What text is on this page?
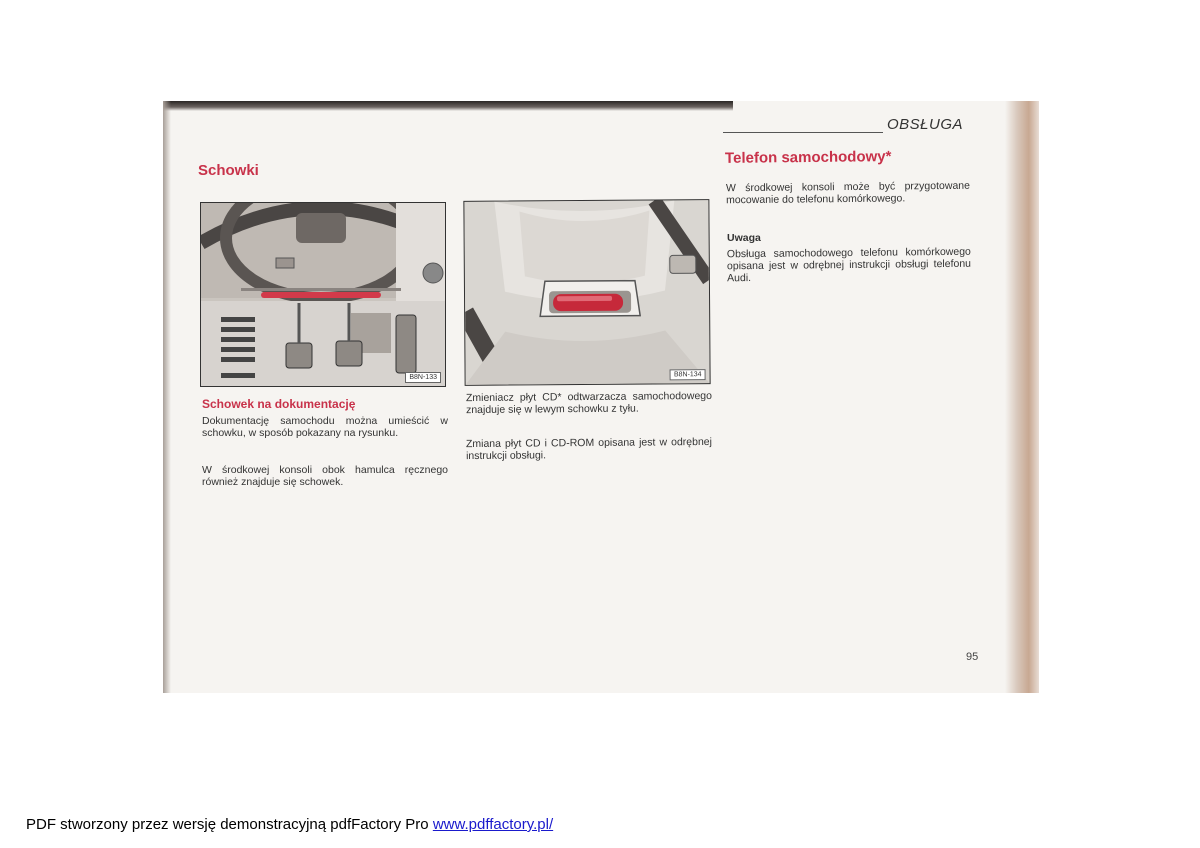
OBSŁUGA
Schowki
B8N-133
Schowek na dokumentację

Dokumentację samochodu można umieścić w schowku, w sposób pokazany na rysunku.

W środkowej konsoli obok hamulca ręcznego również znajduje się schowek.

B8N-134

Zmieniacz płyt CD* odtwarzacza samochodowego znajduje się w lewym schowku z tyłu.

Zmiana płyt CD i CD-ROM opisana jest w odrębnej instrukcji obsługi.

Telefon samochodowy*

W środkowej konsoli może być przygotowane mocowanie do telefonu komórkowego.

Uwaga

Obsługa samochodowego telefonu komórkowego opisana jest w odrębnej instrukcji obsługi telefonu Audi.

95
PDF stworzony przez wersję demonstracyjną pdfFactory Pro www.pdffactory.pl/
